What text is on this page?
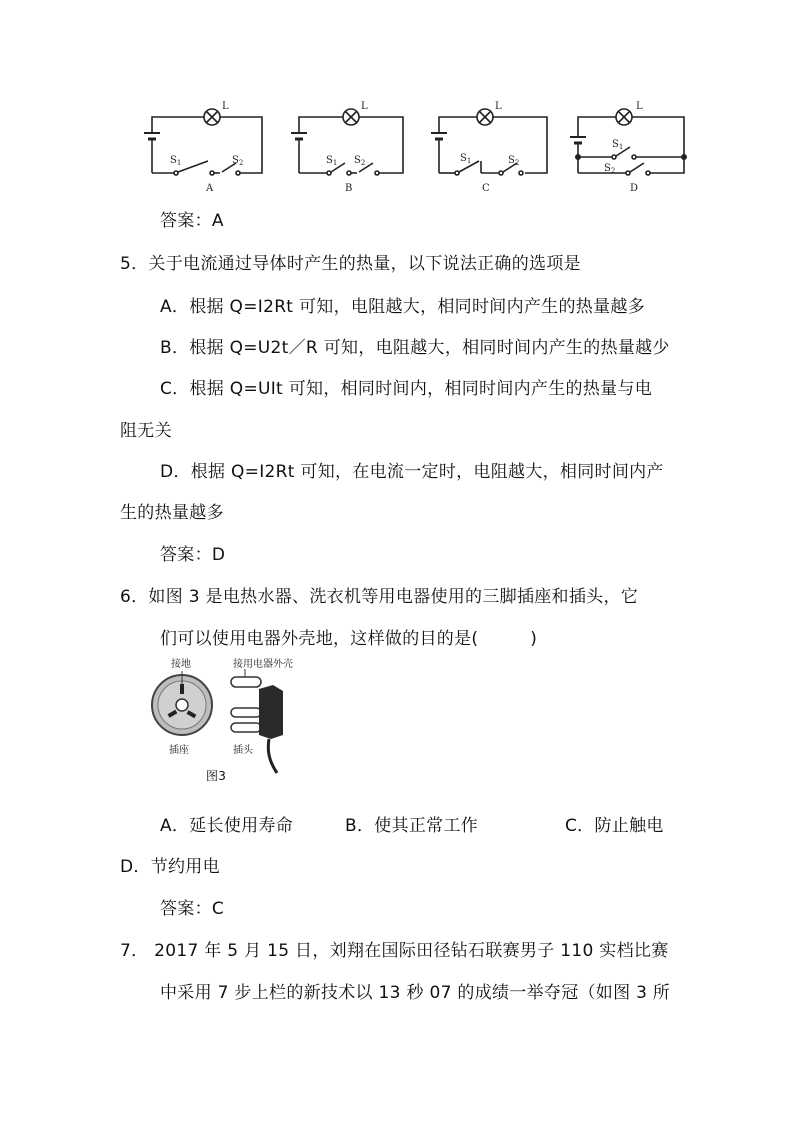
L
$S_1$	$S_2$
A
L
$S_1$ $S_2$
B
L
$S_1$	$S_2$
C
L
$S_1$
$S_2$
D
答案：A
5．关于电流通过导体时产生的热量，以下说法正确的选项是
A．根据 Q=I2Rt 可知，电阻越大，相同时间内产生的热量越多
B．根据 Q=U2t／R 可知，电阻越大，相同时间内产生的热量越少
C．根据 Q=UIt 可知，相同时间内，相同时间内产生的热量与电
阻无关
D．根据 Q=I2Rt 可知，在电流一定时，电阻越大，相同时间内产
生的热量越多
答案：D
6．如图 3 是电热水器、洗衣机等用电器使用的三脚插座和插头，它
们可以使用电器外壳地，这样做的目的是(　　　)
接地	接用电器外壳
插座	插头
图3
A．延长使用寿命	B．使其正常工作	C．防止触电
D．节约用电
答案：C
7． 2017 年 5 月 15 日，刘翔在国际田径钻石联赛男子 110 实档比赛
中采用 7 步上栏的新技术以 13 秒 07 的成绩一举夺冠（如图 3 所
